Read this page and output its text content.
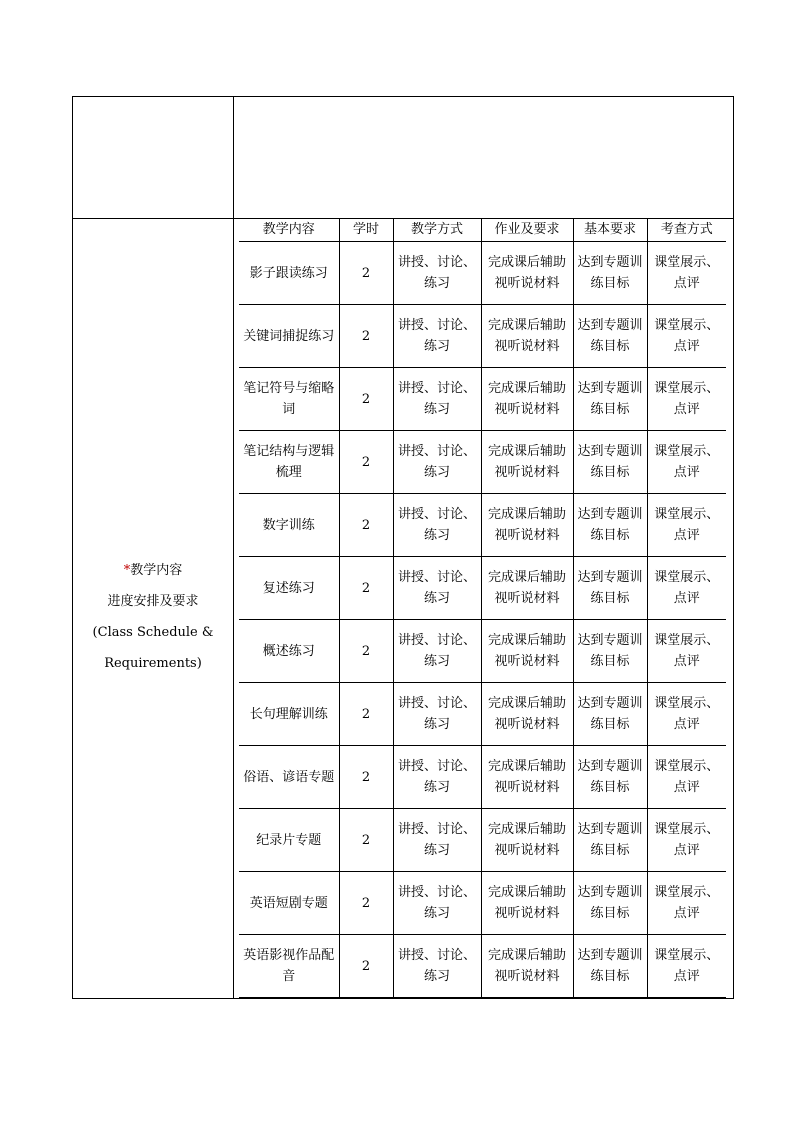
*教学内容
进度安排及要求
(Class Schedule &
Requirements)
教学内容	学时	教学方式	作业及要求	基本要求	考查方式
影子跟读练习	2	讲授、讨论、练习	完成课后辅助视听说材料	达到专题训练目标	课堂展示、点评
关键词捕捉练习	2	讲授、讨论、练习	完成课后辅助视听说材料	达到专题训练目标	课堂展示、点评
笔记符号与缩略词	2	讲授、讨论、练习	完成课后辅助视听说材料	达到专题训练目标	课堂展示、点评
笔记结构与逻辑梳理	2	讲授、讨论、练习	完成课后辅助视听说材料	达到专题训练目标	课堂展示、点评
数字训练	2	讲授、讨论、练习	完成课后辅助视听说材料	达到专题训练目标	课堂展示、点评
复述练习	2	讲授、讨论、练习	完成课后辅助视听说材料	达到专题训练目标	课堂展示、点评
概述练习	2	讲授、讨论、练习	完成课后辅助视听说材料	达到专题训练目标	课堂展示、点评
长句理解训练	2	讲授、讨论、练习	完成课后辅助视听说材料	达到专题训练目标	课堂展示、点评
俗语、谚语专题	2	讲授、讨论、练习	完成课后辅助视听说材料	达到专题训练目标	课堂展示、点评
纪录片专题	2	讲授、讨论、练习	完成课后辅助视听说材料	达到专题训练目标	课堂展示、点评
英语短剧专题	2	讲授、讨论、练习	完成课后辅助视听说材料	达到专题训练目标	课堂展示、点评
英语影视作品配音	2	讲授、讨论、练习	完成课后辅助视听说材料	达到专题训练目标	课堂展示、点评
